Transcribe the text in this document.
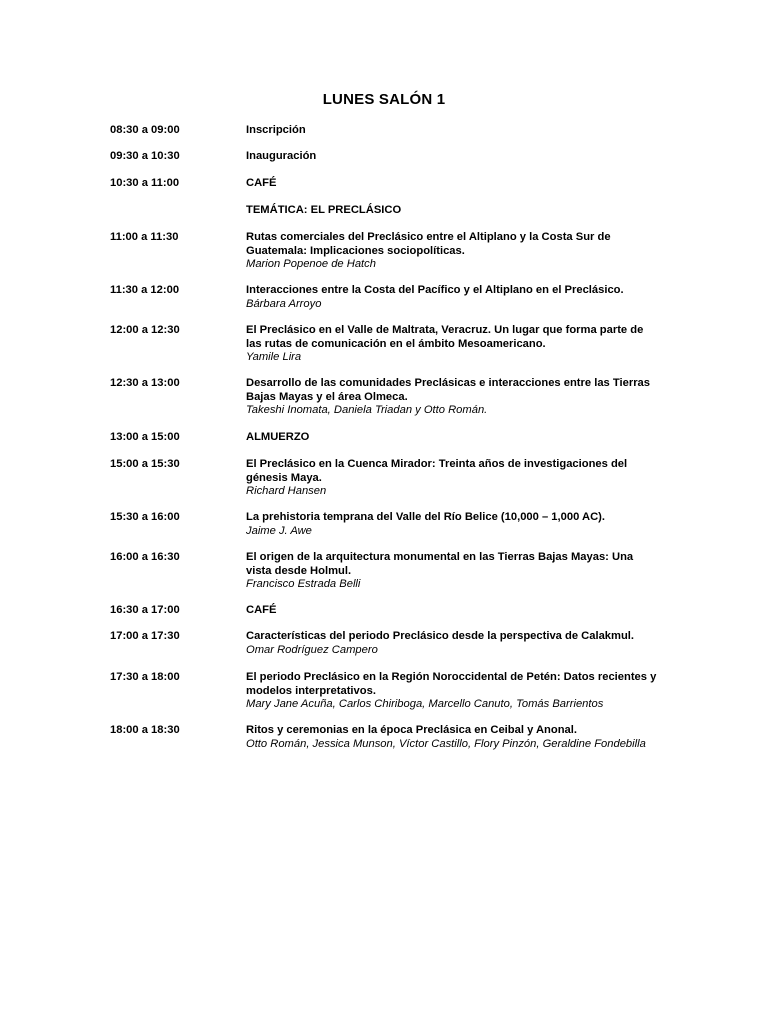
LUNES SALÓN 1
08:30 a 09:00	Inscripción
09:30 a 10:30	Inauguración
10:30 a 11:00	CAFÉ
TEMÁTICA: EL PRECLÁSICO
11:00 a 11:30	Rutas comerciales del Preclásico entre el Altiplano y la Costa Sur de Guatemala: Implicaciones sociopolíticas.
Marion Popenoe de Hatch
11:30 a 12:00	Interacciones entre la Costa del Pacífico y el Altiplano en el Preclásico.
Bárbara Arroyo
12:00 a 12:30	El Preclásico en el Valle de Maltrata, Veracruz. Un lugar que forma parte de las rutas de comunicación en el ámbito Mesoamericano.
Yamile Lira
12:30 a 13:00	Desarrollo de las comunidades Preclásicas e interacciones entre las Tierras Bajas Mayas y el área Olmeca.
Takeshi Inomata, Daniela Triadan y Otto Román.
13:00 a 15:00	ALMUERZO
15:00 a 15:30	El Preclásico en la Cuenca Mirador: Treinta años de investigaciones del génesis Maya.
Richard Hansen
15:30 a 16:00	La prehistoria temprana del Valle del Río Belice (10,000 – 1,000 AC).
Jaime J. Awe
16:00 a 16:30	El origen de la arquitectura monumental en las Tierras Bajas Mayas: Una vista desde Holmul.
Francisco Estrada Belli
16:30 a 17:00	CAFÉ
17:00 a 17:30	Características del periodo Preclásico desde la perspectiva de Calakmul.
Omar Rodríguez Campero
17:30 a 18:00	El periodo Preclásico en la Región Noroccidental de Petén: Datos recientes y modelos interpretativos.
Mary Jane Acuña, Carlos Chiriboga, Marcello Canuto, Tomás Barrientos
18:00 a 18:30	Ritos y ceremonias en la época Preclásica en Ceibal y Anonal.
Otto Román, Jessica Munson, Víctor Castillo, Flory Pinzón, Geraldine Fondebilla
